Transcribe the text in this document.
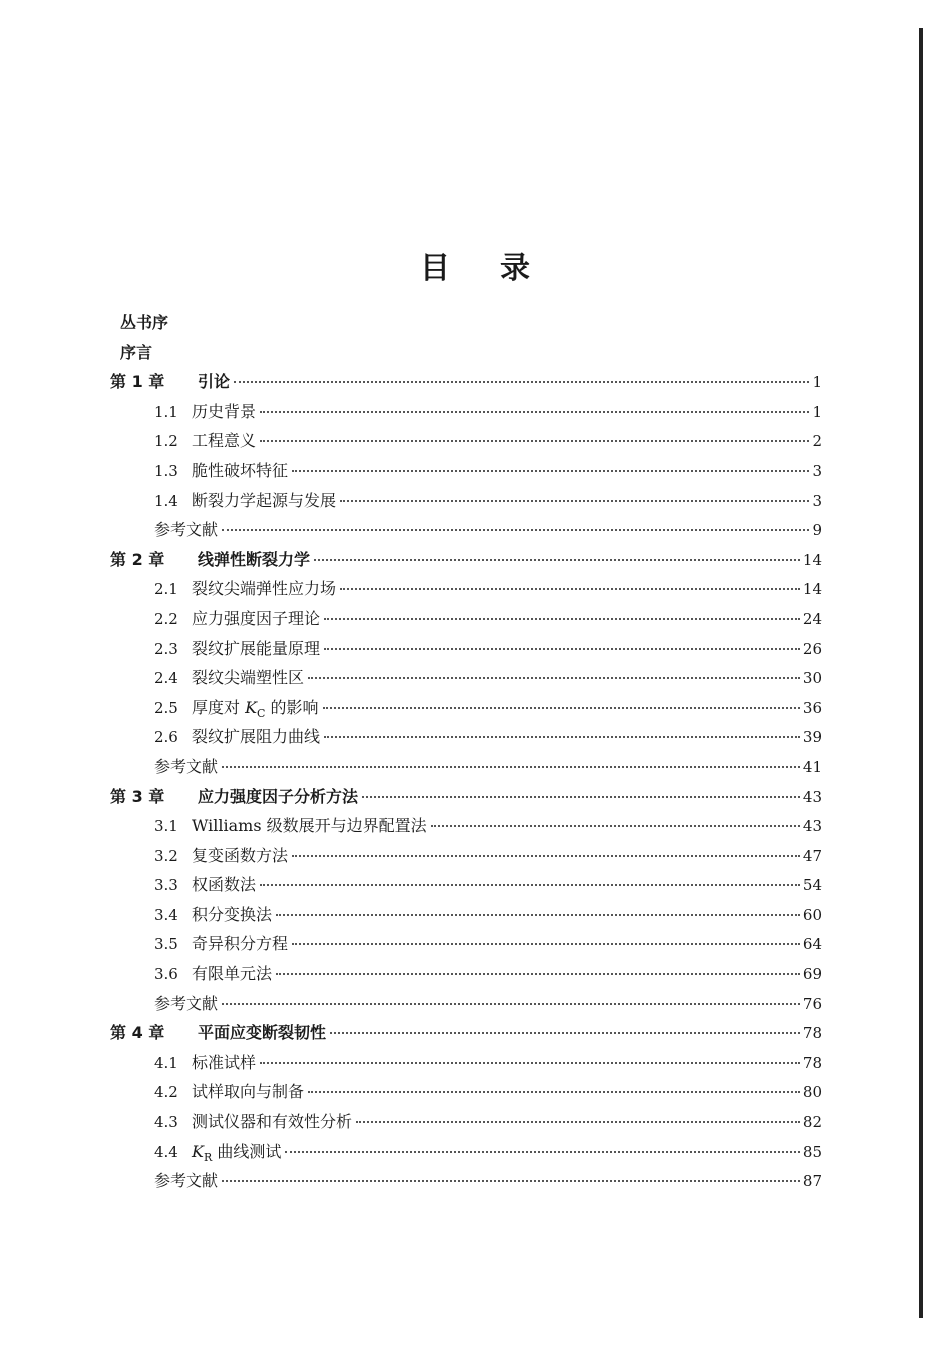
目 录
丛书序
序言
第 1 章	引论	1
1.1 历史背景	1
1.2 工程意义	2
1.3 脆性破坏特征	3
1.4 断裂力学起源与发展	3
参考文献	9
第 2 章	线弹性断裂力学	14
2.1 裂纹尖端弹性应力场	14
2.2 应力强度因子理论	24
2.3 裂纹扩展能量原理	26
2.4 裂纹尖端塑性区	30
2.5 厚度对 $K_C$ 的影响	36
2.6 裂纹扩展阻力曲线	39
参考文献	41
第 3 章	应力强度因子分析方法	43
3.1 Williams 级数展开与边界配置法	43
3.2 复变函数方法	47
3.3 权函数法	54
3.4 积分变换法	60
3.5 奇异积分方程	64
3.6 有限单元法	69
参考文献	76
第 4 章	平面应变断裂韧性	78
4.1 标准试样	78
4.2 试样取向与制备	80
4.3 测试仪器和有效性分析	82
4.4 $K_R$ 曲线测试	85
参考文献	87
